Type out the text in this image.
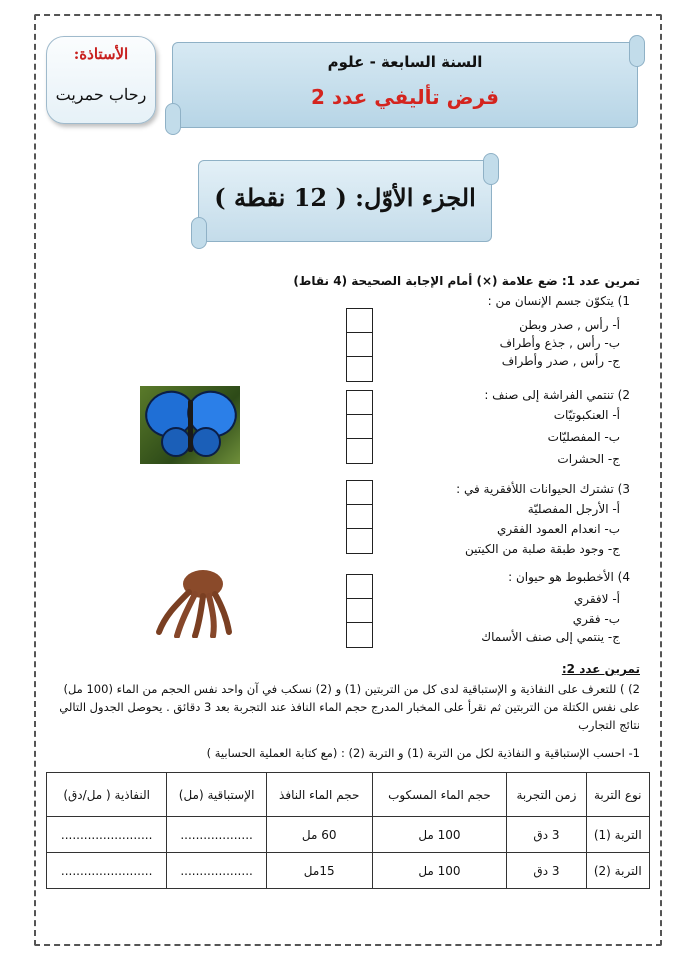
الأستاذة:
رحاب حمريت
السنة السابعة - علوم
فرض تأليفي عدد 2
الجزء الأوّل: ( 12 نقطة )
تمرين عدد 1: ضع علامة (×) أمام الإجابة الصحيحة (4 نقاط)
1) يتكوّن جسم الإنسان من :
أ- رأس , صدر وبطن
ب- رأس , جذع وأطراف
ج- رأس , صدر وأطراف
2) تنتمي الفراشة إلى صنف :
أ- العنكبوتيّات
ب- المفصليّات
ج- الحشرات
3) تشترك الحيوانات اللأفقرية في :
أ- الأرجل المفصليّة
ب- انعدام العمود الفقري
ج- وجود طبقة صلبة من الكيتين
4) الأخطبوط هو حيوان :
أ- لافقري
ب- فقري
ج- ينتمي إلى صنف الأسماك
تمرين عدد 2:
2) ) للتعرف على النفاذية و الإستباقية لدى كل من التربتين (1) و (2) نسكب في آن واحد نفس الحجم من الماء (100 مل)
على نفس الكتلة من التربتين ثم نقرأ على المخبار المدرج حجم الماء النافذ عند التجربة بعد 3 دقائق . يحوصل الجدول التالي
نتائج التجارب
1- احسب الإستباقية و النفاذية لكل من التربة (1) و التربة (2) : (مع كتابة العملية الحسابية )
نوع التربة	زمن التجربة	حجم الماء المسكوب	حجم الماء النافذ	الإستباقية (مل)	النفاذية ( مل/دق)
التربة (1)	3 دق	100 مل	60 مل	...................	........................
التربة (2)	3 دق	100 مل	15مل	...................	........................
